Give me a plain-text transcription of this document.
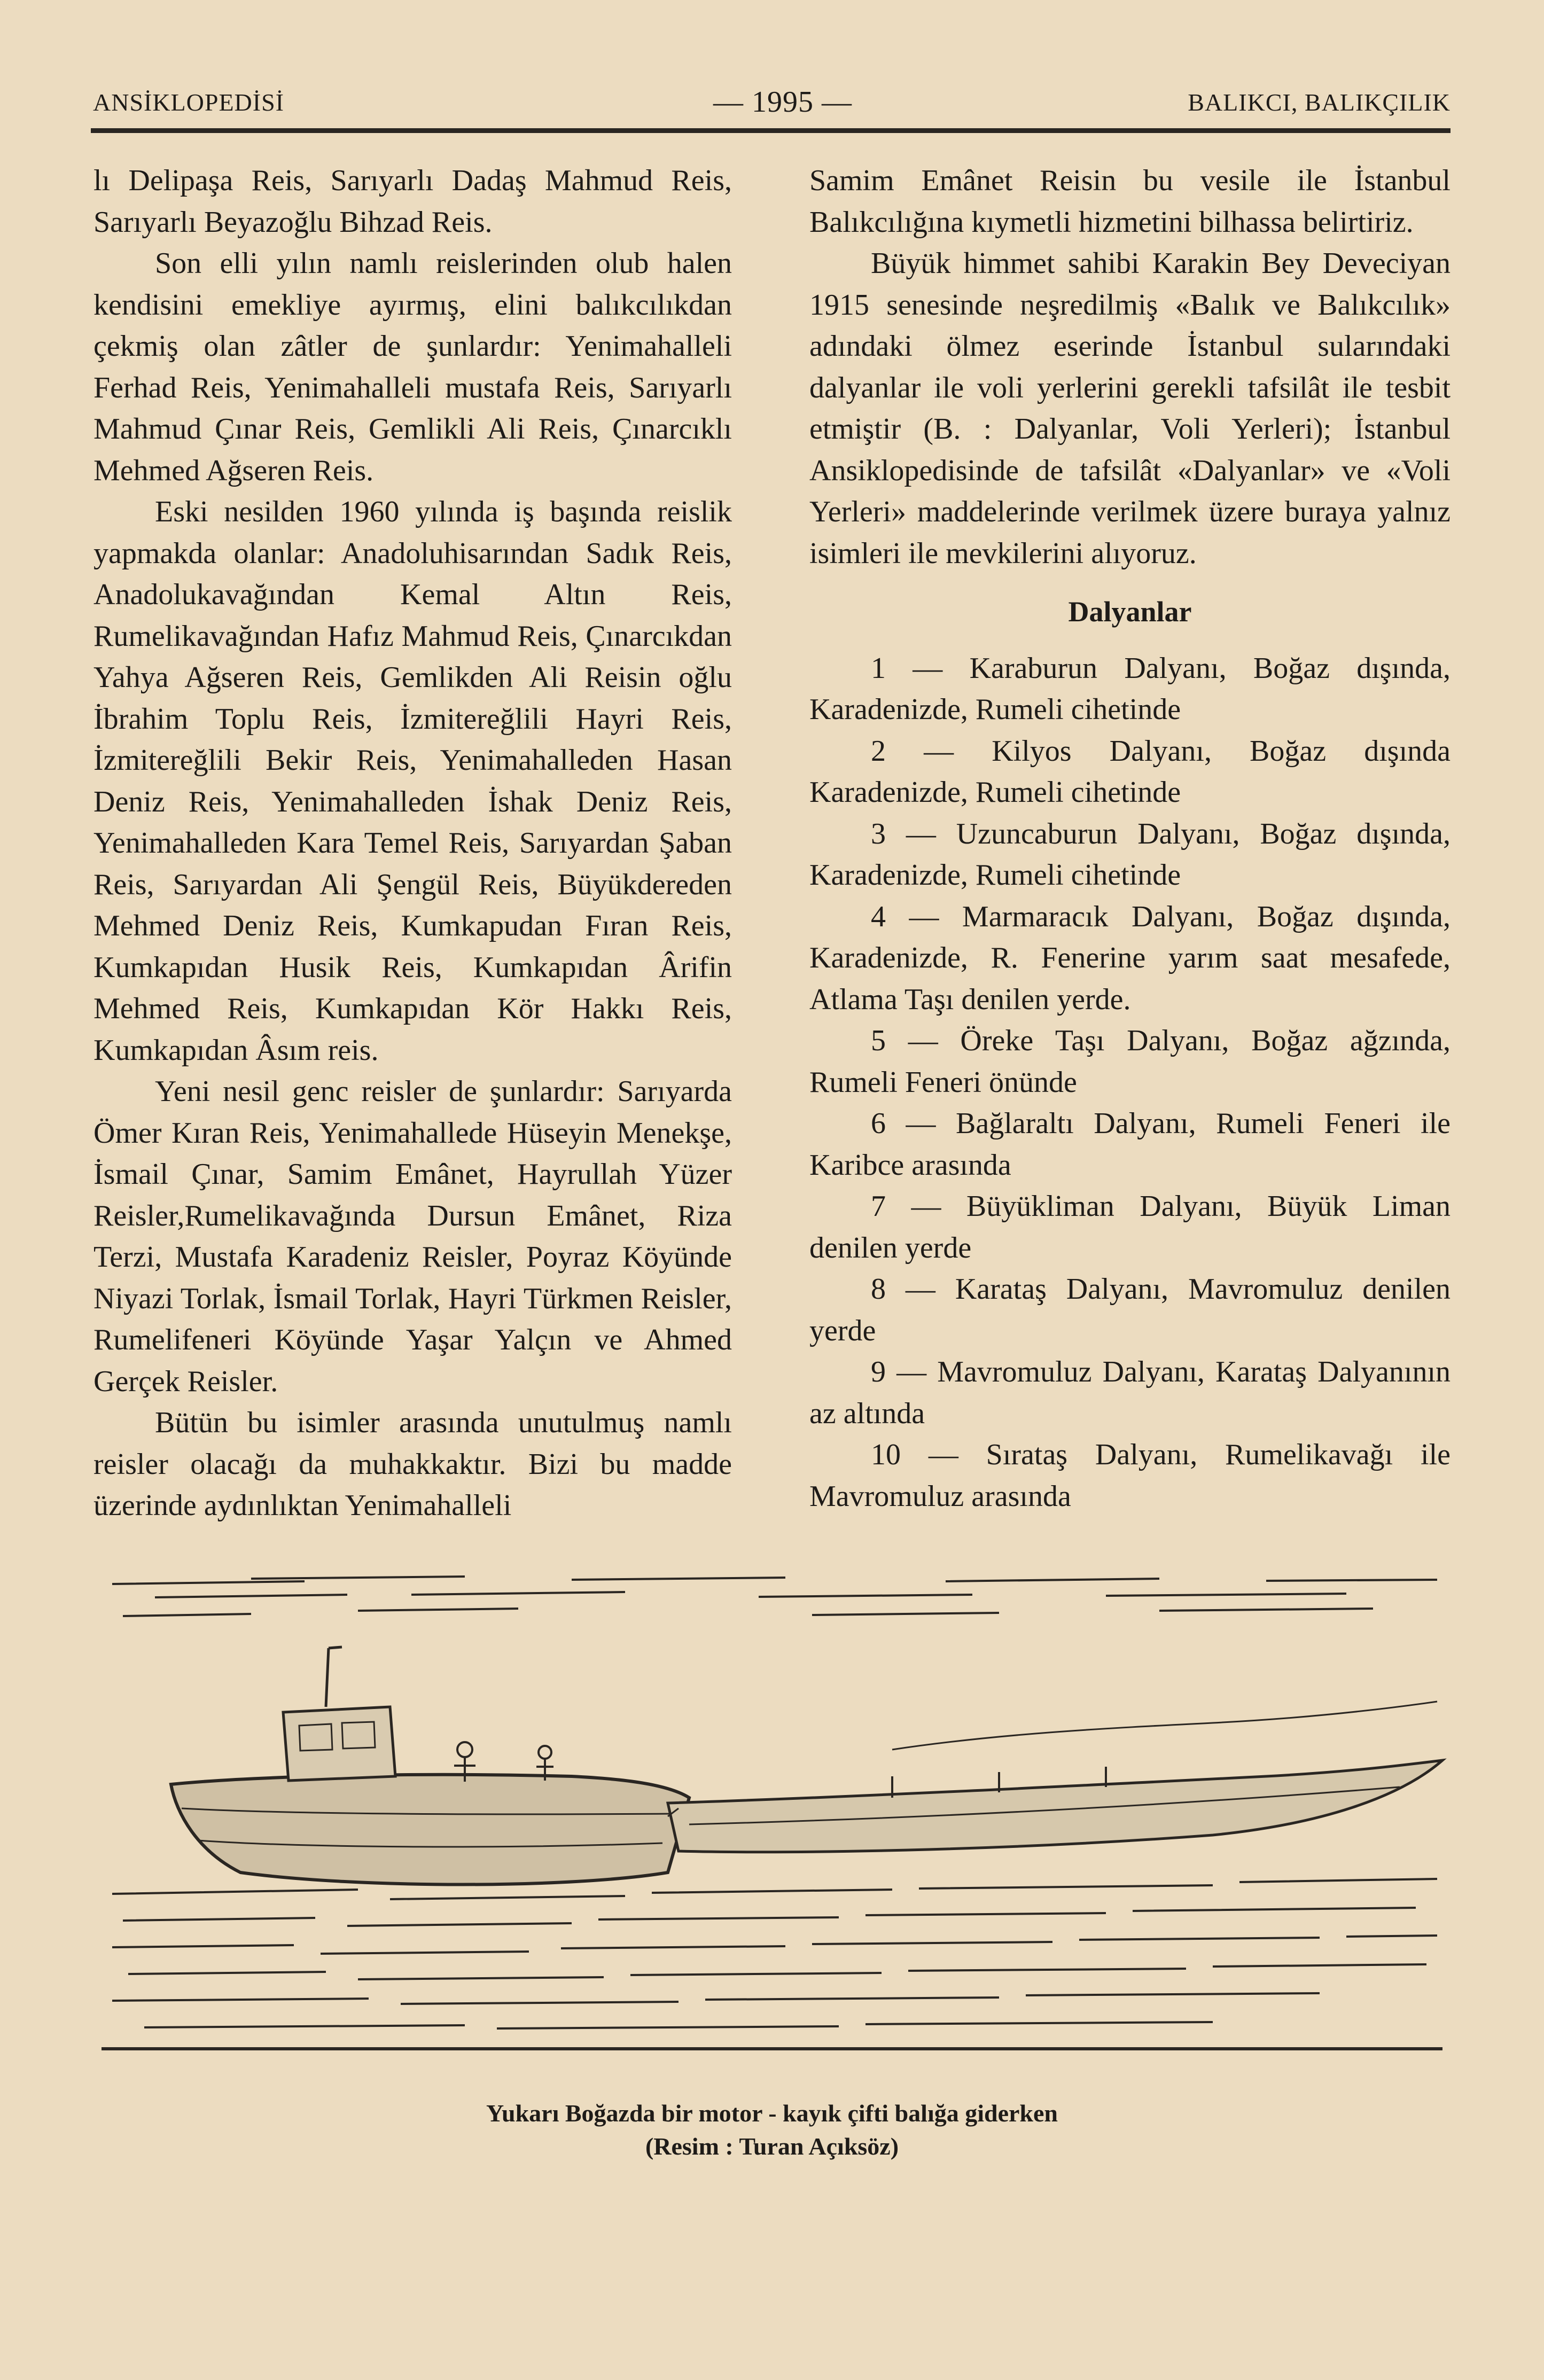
ANSİKLOPEDİSİ	— 1995 —	BALIKCI, BALIKÇILIK

lı Delipaşa Reis, Sarıyarlı Dadaş Mahmud Reis, Sarıyarlı Beyazoğlu Bihzad Reis.

Son elli yılın namlı reislerinden olub halen kendisini emekliye ayırmış, elini balıkcılıkdan çekmiş olan zâtler de şunlardır: Yenimahalleli Ferhad Reis, Yenimahalleli mustafa Reis, Sarıyarlı Mahmud Çınar Reis, Gemlikli Ali Reis, Çınarcıklı Mehmed Ağseren Reis.

Eski nesilden 1960 yılında iş başında reislik yapmakda olanlar: Anadoluhisarından Sadık Reis, Anadolukavağından Kemal Altın Reis, Rumelikavağından Hafız Mahmud Reis, Çınarcıkdan Yahya Ağseren Reis, Gemlikden Ali Reisin oğlu İbrahim Toplu Reis, İzmitereğlili Hayri Reis, İzmitereğlili Bekir Reis, Yenimahalleden Hasan Deniz Reis, Yenimahalleden İshak Deniz Reis, Yenimahalleden Kara Temel Reis, Sarıyardan Şaban Reis, Sarıyardan Ali Şengül Reis, Büyükdereden Mehmed Deniz Reis, Kumkapudan Fıran Reis, Kumkapıdan Husik Reis, Kumkapıdan Ârifin Mehmed Reis, Kumkapıdan Kör Hakkı Reis, Kumkapıdan Âsım reis.

Yeni nesil genc reisler de şunlardır: Sarıyarda Ömer Kıran Reis, Yenimahallede Hüseyin Menekşe, İsmail Çınar, Samim Emânet, Hayrullah Yüzer Reisler,Rumelikavağında Dursun Emânet, Riza Terzi, Mustafa Karadeniz Reisler, Poyraz Köyünde Niyazi Torlak, İsmail Torlak, Hayri Türkmen Reisler, Rumelifeneri Köyünde Yaşar Yalçın ve Ahmed Gerçek Reisler.

Bütün bu isimler arasında unutulmuş namlı reisler olacağı da muhakkaktır. Bizi bu madde üzerinde aydınlıktan Yenimahalleli

Samim Emânet Reisin bu vesile ile İstanbul Balıkcılığına kıymetli hizmetini bilhassa belirtiriz.

Büyük himmet sahibi Karakin Bey Deveciyan 1915 senesinde neşredilmiş «Balık ve Balıkcılık» adındaki ölmez eserinde İstanbul sularındaki dalyanlar ile voli yerlerini gerekli tafsilât ile tesbit etmiştir (B. : Dalyanlar, Voli Yerleri); İstanbul Ansiklopedisinde de tafsilât «Dalyanlar» ve «Voli Yerleri» maddelerinde verilmek üzere buraya yalnız isimleri ile mevkilerini alıyoruz.

Dalyanlar

1 — Karaburun Dalyanı, Boğaz dışında, Karadenizde, Rumeli cihetinde

2 — Kilyos Dalyanı, Boğaz dışında Karadenizde, Rumeli cihetinde

3 — Uzuncaburun Dalyanı, Boğaz dışında, Karadenizde, Rumeli cihetinde

4 — Marmaracık Dalyanı, Boğaz dışında, Karadenizde, R. Fenerine yarım saat mesafede, Atlama Taşı denilen yerde.

5 — Öreke Taşı Dalyanı, Boğaz ağzında, Rumeli Feneri önünde

6 — Bağlaraltı Dalyanı, Rumeli Feneri ile Karibce arasında

7 — Büyükliman Dalyanı, Büyük Liman denilen yerde

8 — Karataş Dalyanı, Mavromuluz denilen yerde

9 — Mavromuluz Dalyanı, Karataş Dalyanının az altında

10 — Sırataş Dalyanı, Rumelikavağı ile Mavromuluz arasında

Yukarı Boğazda bir motor - kayık çifti balığa giderken
(Resim : Turan Açıksöz)
